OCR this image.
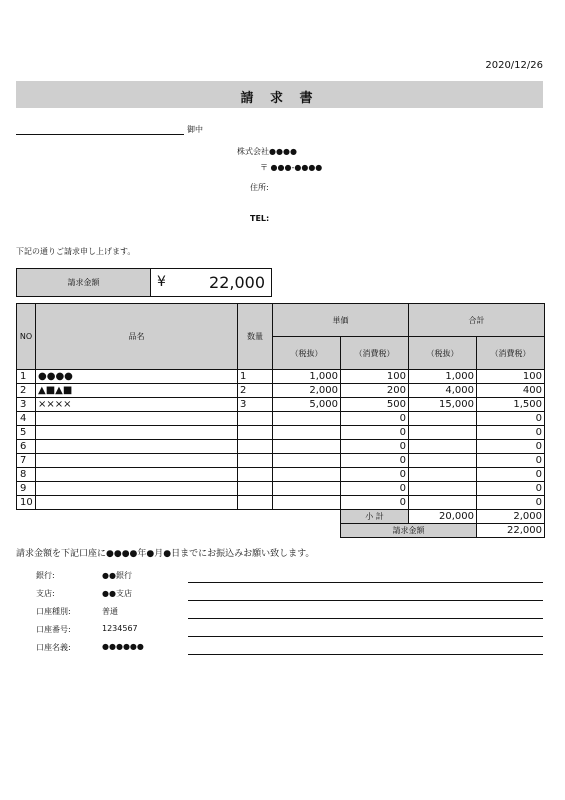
2020/12/26
請 求 書
御中
株式会社●●●●
〒 ●●●-●●●●
住所:
TEL:
下記の通りご請求申し上げます。
請求金額	¥	22,000
NO	品名	数量	単価		合計	
			（税抜）	（消費税）	（税抜）	（消費税）
1	●●●●	1	1,000	100	1,000	100
2	▲■▲■	2	2,000	200	4,000	400
3	××××	3	5,000	500	15,000	1,500
4				0		0
5				0		0
6				0		0
7				0		0
8				0		0
9				0		0
10				0		0
小 計	20,000	2,000
請求金額		22,000
請求金額を下記口座に●●●●年●月●日までにお振込みお願い致します。
銀行:	●●銀行
支店:	●●支店
口座種別:	普通
口座番号:	1234567
口座名義:	●●●●●●
